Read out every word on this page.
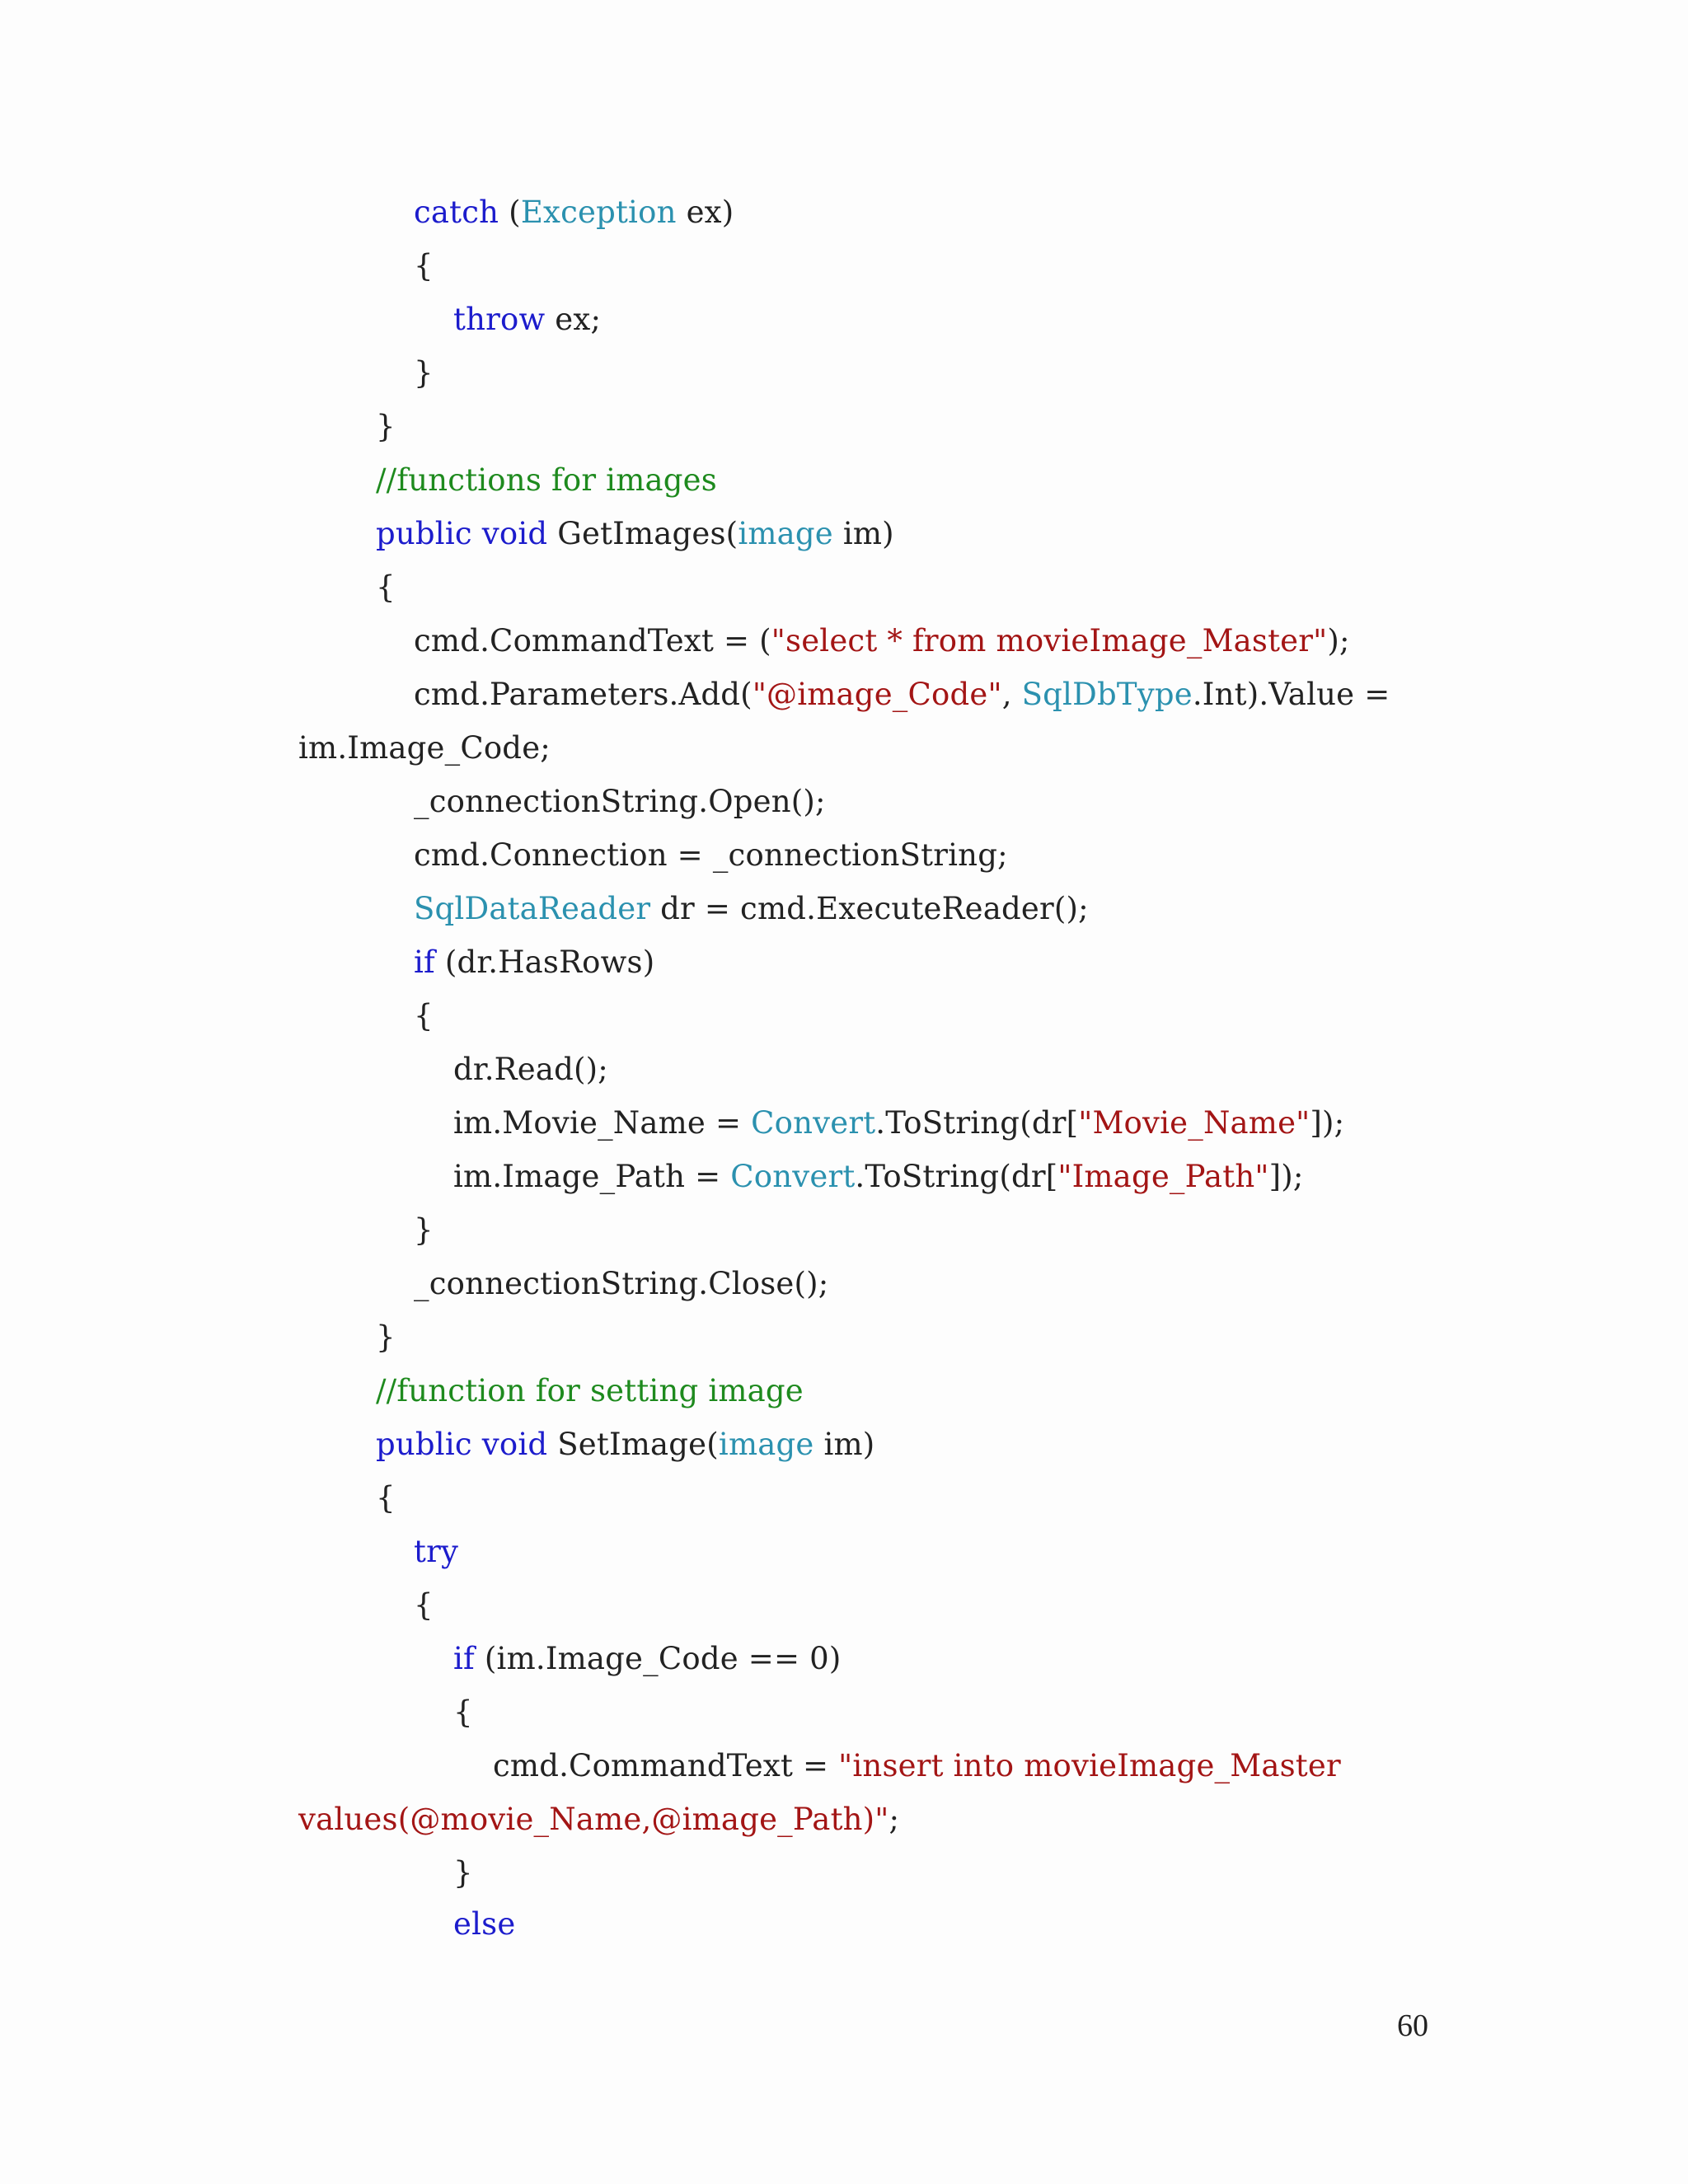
catch (Exception ex)
{
throw ex;
}
}
//functions for images
public void GetImages(image im)
{
cmd.CommandText = ("select * from movieImage_Master");
cmd.Parameters.Add("@image_Code", SqlDbType.Int).Value =
im.Image_Code;
_connectionString.Open();
cmd.Connection = _connectionString;
SqlDataReader dr = cmd.ExecuteReader();
if (dr.HasRows)
{
dr.Read();
im.Movie_Name = Convert.ToString(dr["Movie_Name"]);
im.Image_Path = Convert.ToString(dr["Image_Path"]);
}
_connectionString.Close();
}
//function for setting image
public void SetImage(image im)
{
try
{
if (im.Image_Code == 0)
{
cmd.CommandText = "insert into movieImage_Master
values(@movie_Name,@image_Path)";
}
else
60
